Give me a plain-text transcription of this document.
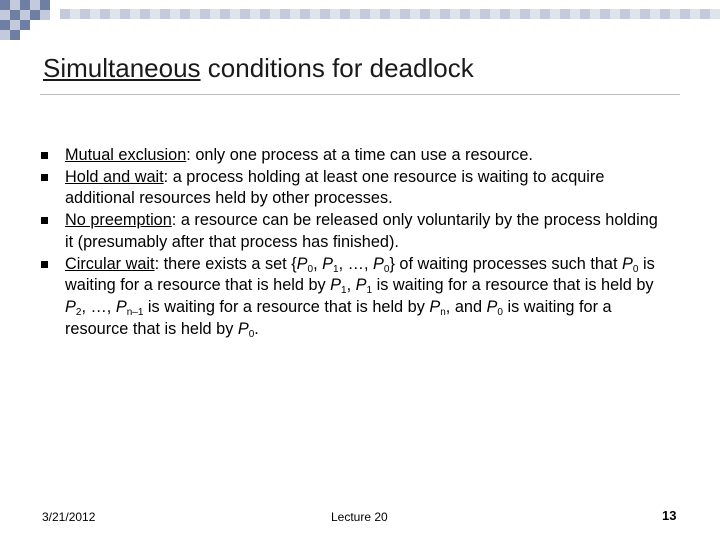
Simultaneous conditions for deadlock
Mutual exclusion: only one process at a time can use a resource.
Hold and wait: a process holding at least one resource is waiting to acquire additional resources held by other processes.
No preemption: a resource can be released only voluntarily by the process holding it (presumably after that process has finished).
Circular wait: there exists a set {$P_0$, $P_1$, …, $P_0$} of waiting processes such that $P_0$ is waiting for a resource that is held by $P_1$, $P_1$ is waiting for a resource that is held by $P_2$, …, $P_{n-1}$ is waiting for a resource that is held by $P_n$, and $P_0$ is waiting for a resource that is held by $P_0$.
3/21/2012	Lecture 20	13
